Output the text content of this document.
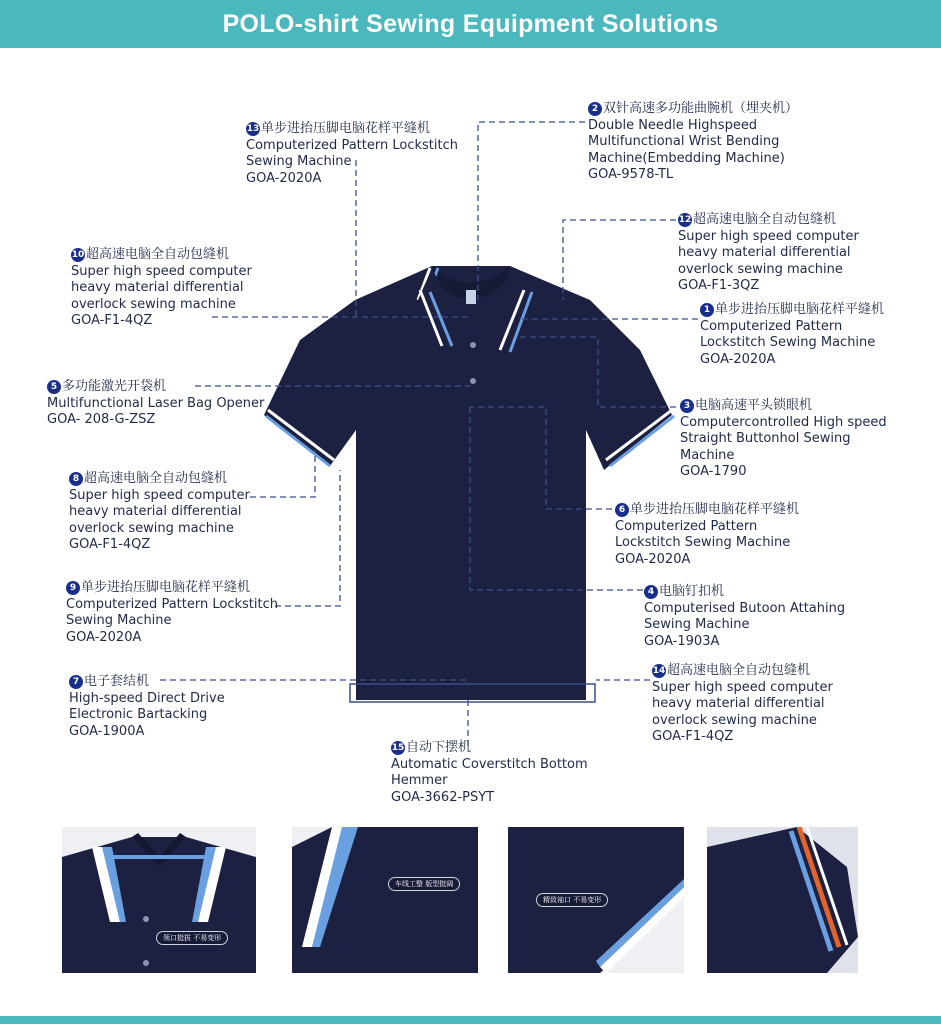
POLO-shirt Sewing Equipment Solutions
13 单步进抬压脚电脑花样平缝机
Computerized Pattern Lockstitch
Sewing Machine
GOA-2020A
2 双针高速多功能曲腕机（埋夹机）
Double Needle Highspeed
Multifunctional Wrist Bending
Machine(Embedding Machine)
GOA-9578-TL
12 超高速电脑全自动包缝机
Super high speed computer
heavy material differential
overlock sewing machine
GOA-F1-3QZ
10 超高速电脑全自动包缝机
Super high speed computer
heavy material differential
overlock sewing machine
GOA-F1-4QZ
1 单步进抬压脚电脑花样平缝机
Computerized Pattern
Lockstitch Sewing Machine
GOA-2020A
5 多功能激光开袋机
Multifunctional Laser Bag Opener
GOA- 208-G-ZSZ
3 电脑高速平头锁眼机
Computercontrolled High speed
Straight Buttonhol Sewing
Machine
GOA-1790
8 超高速电脑全自动包缝机
Super high speed computer
heavy material differential
overlock sewing machine
GOA-F1-4QZ
6 单步进抬压脚电脑花样平缝机
Computerized Pattern
Lockstitch Sewing Machine
GOA-2020A
9 单步进抬压脚电脑花样平缝机
Computerized Pattern Lockstitch
Sewing Machine
GOA-2020A
4 电脑钉扣机
Computerised Butoon Attahing
Sewing Machine
GOA-1903A
7 电子套结机
High-speed Direct Drive
Electronic Bartacking
GOA-1900A
14 超高速电脑全自动包缝机
Super high speed computer
heavy material differential
overlock sewing machine
GOA-F1-4QZ
15 自动下摆机
Automatic Coverstitch Bottom
Hemmer
GOA-3662-PSYT
领口挺拔 不易变形
车线工整 版型挺阔
精致袖口 不易变形
